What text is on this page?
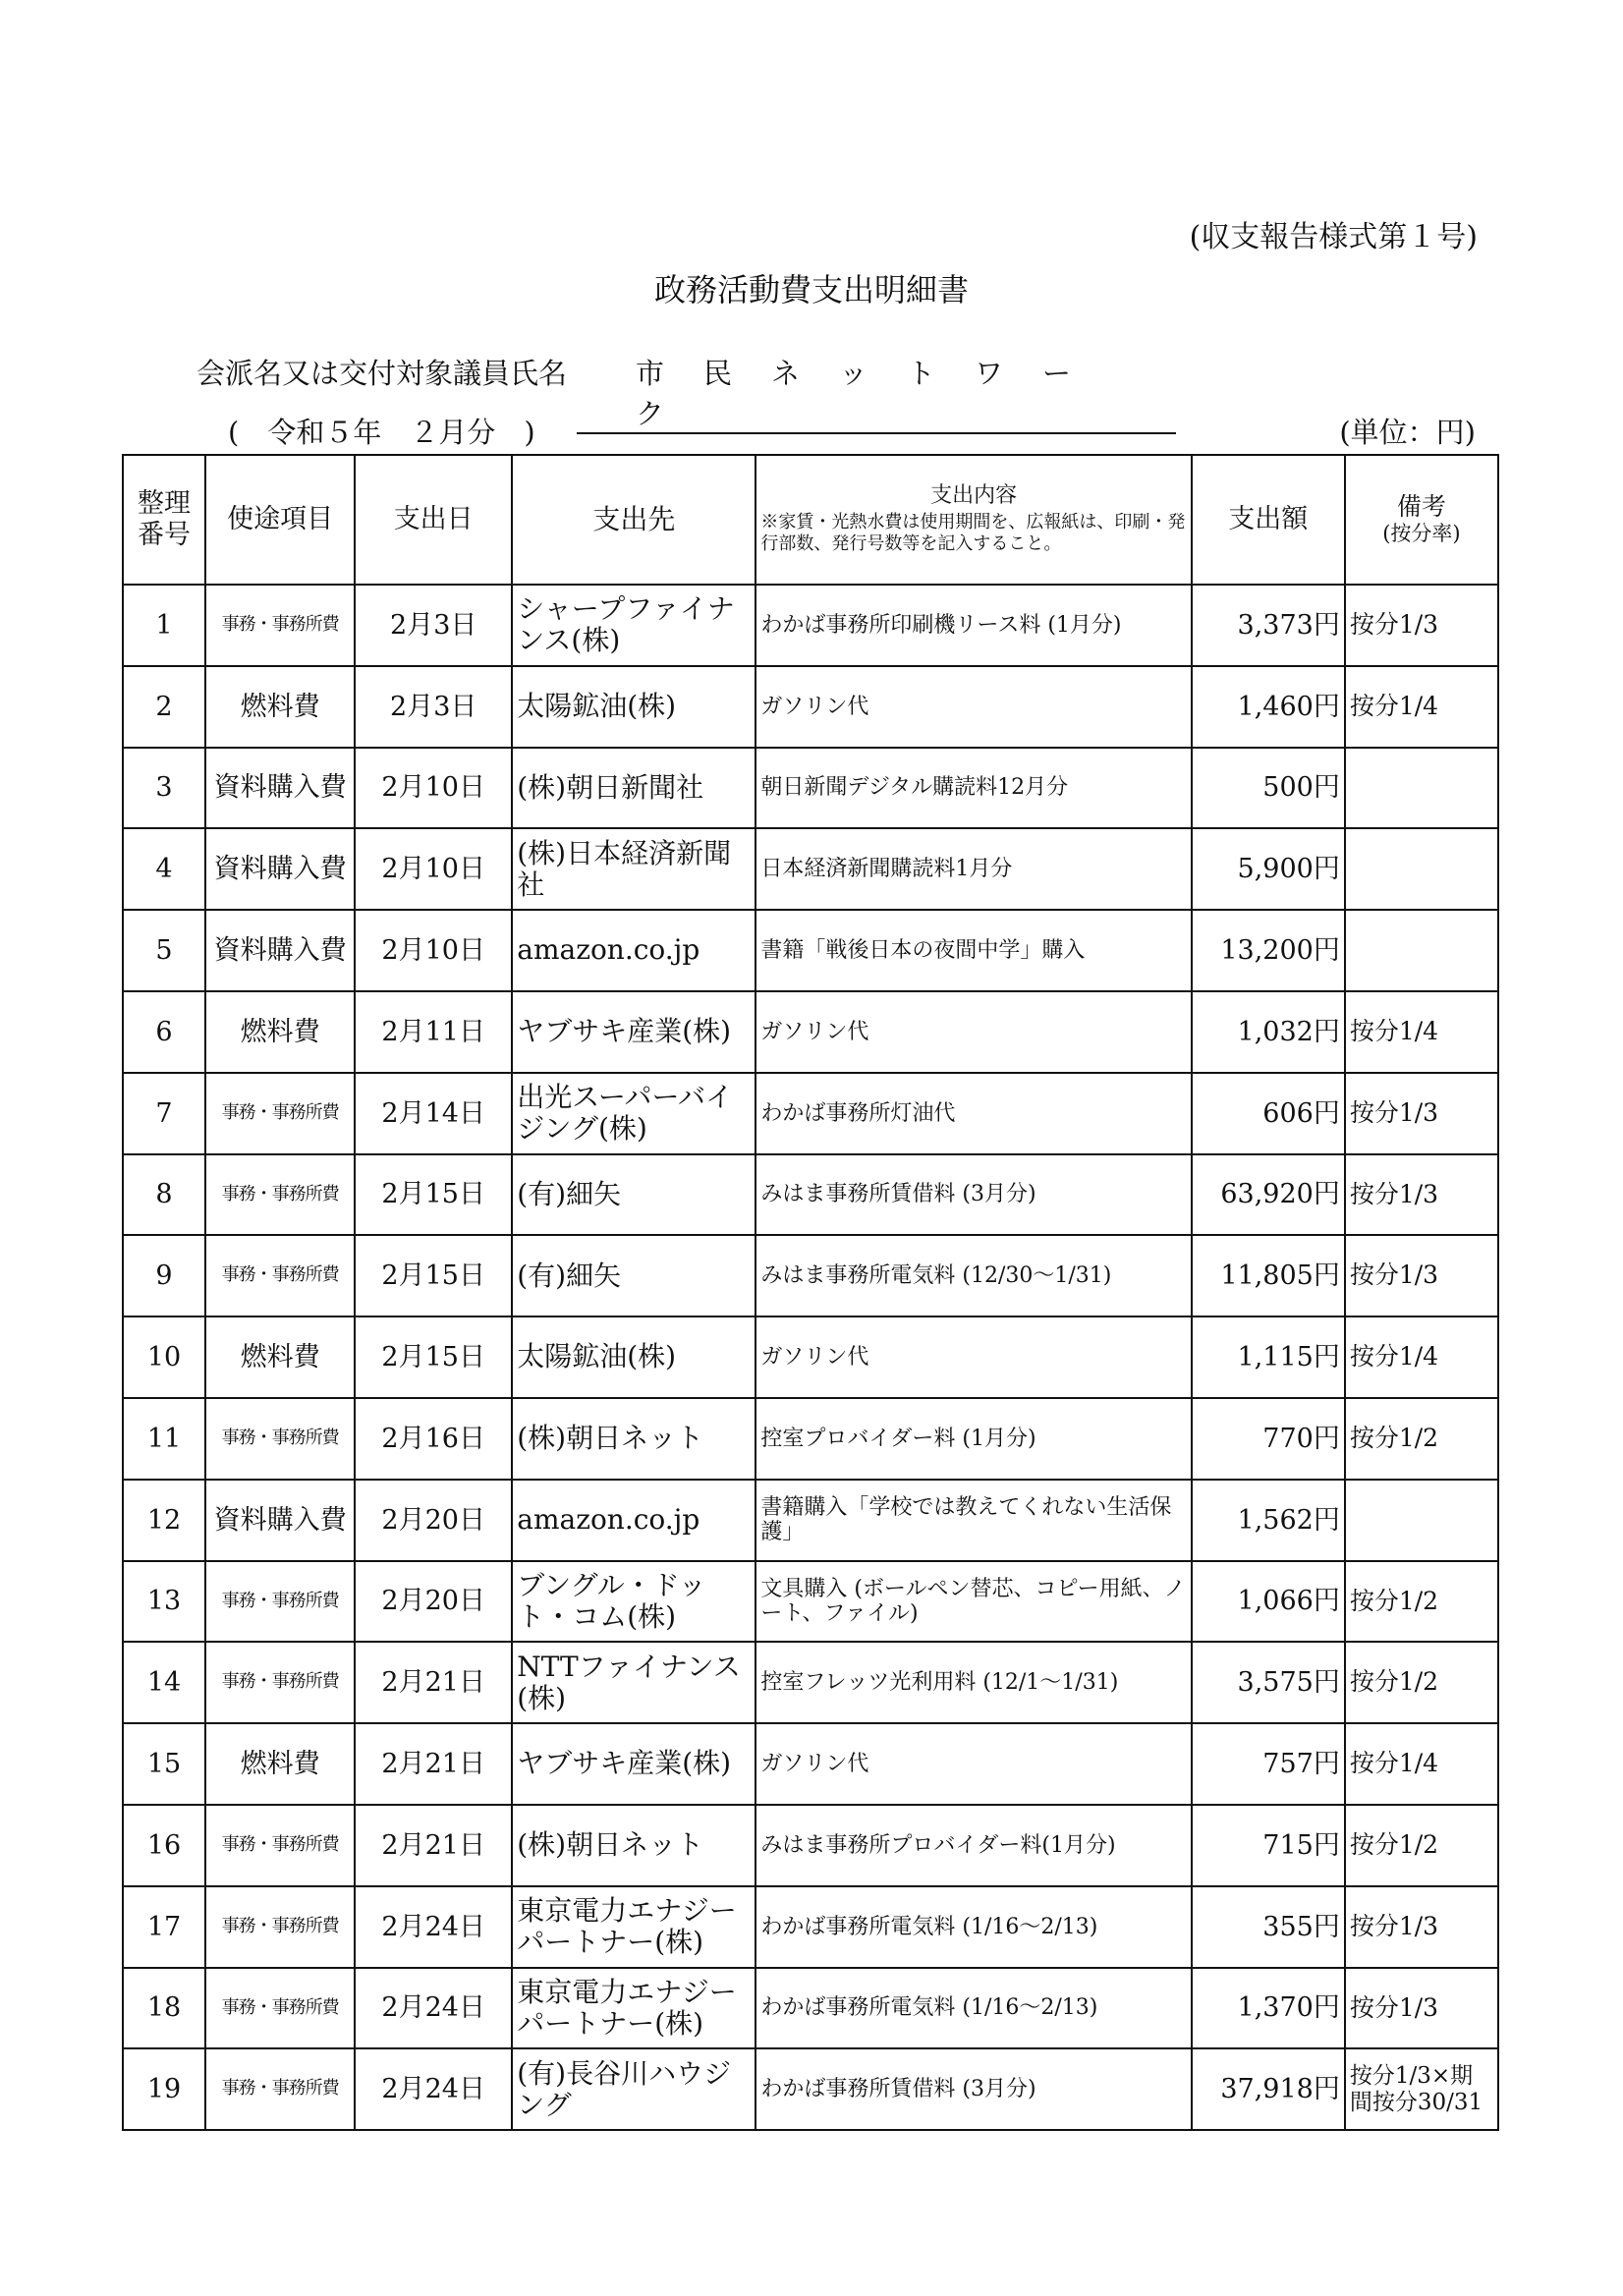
(収支報告様式第１号)
政務活動費支出明細書
会派名又は交付対象議員氏名	市民ネットワーク
(　令和５年　２月分　)	(単位：円)
整理番号	使途項目	支出日	支出先	支出内容
※家賃・光熱水費は使用期間を、広報紙は、印刷・発行部数、発行号数等を記入すること。	支出額	備考
(按分率)

1	事務・事務所費	2月3日	シャープファイナンス(株)	わかば事務所印刷機リース料 (1月分)	3,373円	按分1/3
2	燃料費	2月3日	太陽鉱油(株)	ガソリン代	1,460円	按分1/4
3	資料購入費	2月10日	(株)朝日新聞社	朝日新聞デジタル購読料12月分	500円	
4	資料購入費	2月10日	(株)日本経済新聞社	日本経済新聞購読料1月分	5,900円	
5	資料購入費	2月10日	amazon.co.jp	書籍「戦後日本の夜間中学」購入	13,200円	
6	燃料費	2月11日	ヤブサキ産業(株)	ガソリン代	1,032円	按分1/4
7	事務・事務所費	2月14日	出光スーパーバイジング(株)	わかば事務所灯油代	606円	按分1/3
8	事務・事務所費	2月15日	(有)細矢	みはま事務所賃借料 (3月分)	63,920円	按分1/3
9	事務・事務所費	2月15日	(有)細矢	みはま事務所電気料 (12/30～1/31)	11,805円	按分1/3
10	燃料費	2月15日	太陽鉱油(株)	ガソリン代	1,115円	按分1/4
11	事務・事務所費	2月16日	(株)朝日ネット	控室プロバイダー料 (1月分)	770円	按分1/2
12	資料購入費	2月20日	amazon.co.jp	書籍購入「学校では教えてくれない生活保護」	1,562円	
13	事務・事務所費	2月20日	ブングル・ドット・コム(株)	文具購入 (ボールペン替芯、コピー用紙、ノート、ファイル)	1,066円	按分1/2
14	事務・事務所費	2月21日	NTTファイナンス(株)	控室フレッツ光利用料 (12/1～1/31)	3,575円	按分1/2
15	燃料費	2月21日	ヤブサキ産業(株)	ガソリン代	757円	按分1/4
16	事務・事務所費	2月21日	(株)朝日ネット	みはま事務所プロバイダー料(1月分)	715円	按分1/2
17	事務・事務所費	2月24日	東京電力エナジーパートナー(株)	わかば事務所電気料 (1/16～2/13)	355円	按分1/3
18	事務・事務所費	2月24日	東京電力エナジーパートナー(株)	わかば事務所電気料 (1/16～2/13)	1,370円	按分1/3
19	事務・事務所費	2月24日	(有)長谷川ハウジング	わかば事務所賃借料 (3月分)	37,918円	按分1/3×期間按分30/31
